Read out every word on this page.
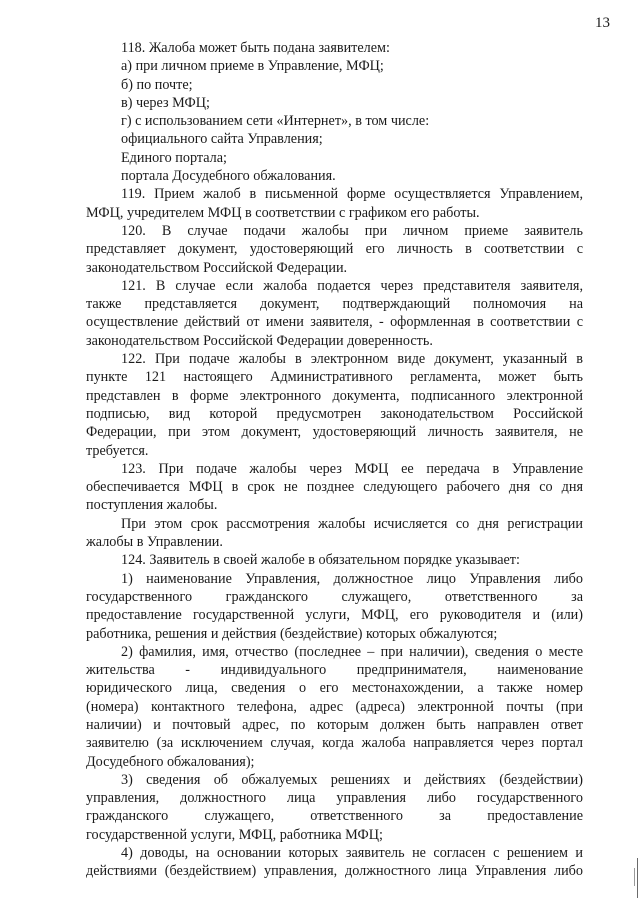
13
118. Жалоба может быть подана заявителем:
а) при личном приеме в Управление, МФЦ;
б) по почте;
в) через МФЦ;
г) с использованием сети «Интернет», в том числе:
официального сайта Управления;
Единого портала;
портала Досудебного обжалования.
119. Прием жалоб в письменной форме осуществляется Управлением,
МФЦ, учредителем МФЦ в соответствии с графиком его работы.
120. В случае подачи жалобы при личном приеме заявитель
представляет документ, удостоверяющий его личность в соответствии с
законодательством Российской Федерации.
121. В случае если жалоба подается через представителя заявителя,
также представляется документ, подтверждающий полномочия на
осуществление действий от имени заявителя, - оформленная в соответствии с
законодательством Российской Федерации доверенность.
122. При подаче жалобы в электронном виде документ, указанный в
пункте 121 настоящего Административного регламента, может быть
представлен в форме электронного документа, подписанного электронной
подписью, вид которой предусмотрен законодательством Российской
Федерации, при этом документ, удостоверяющий личность заявителя, не
требуется.
123. При подаче жалобы через МФЦ ее передача в Управление
обеспечивается МФЦ в срок не позднее следующего рабочего дня со дня
поступления жалобы.
При этом срок рассмотрения жалобы исчисляется со дня регистрации
жалобы в Управлении.
124. Заявитель в своей жалобе в обязательном порядке указывает:
1) наименование Управления, должностное лицо Управления либо
государственного гражданского служащего, ответственного за
предоставление государственной услуги, МФЦ, его руководителя и (или)
работника, решения и действия (бездействие) которых обжалуются;
2) фамилия, имя, отчество (последнее – при наличии), сведения о месте
жительства - индивидуального предпринимателя, наименование
юридического лица, сведения о его местонахождении, а также номер
(номера) контактного телефона, адрес (адреса) электронной почты (при
наличии) и почтовый адрес, по которым должен быть направлен ответ
заявителю (за исключением случая, когда жалоба направляется через портал
Досудебного обжалования);
3) сведения об обжалуемых решениях и действиях (бездействии)
управления, должностного лица управления либо государственного
гражданского служащего, ответственного за предоставление
государственной услуги, МФЦ, работника МФЦ;
4) доводы, на основании которых заявитель не согласен с решением и
действиями (бездействием) управления, должностного лица Управления либо
